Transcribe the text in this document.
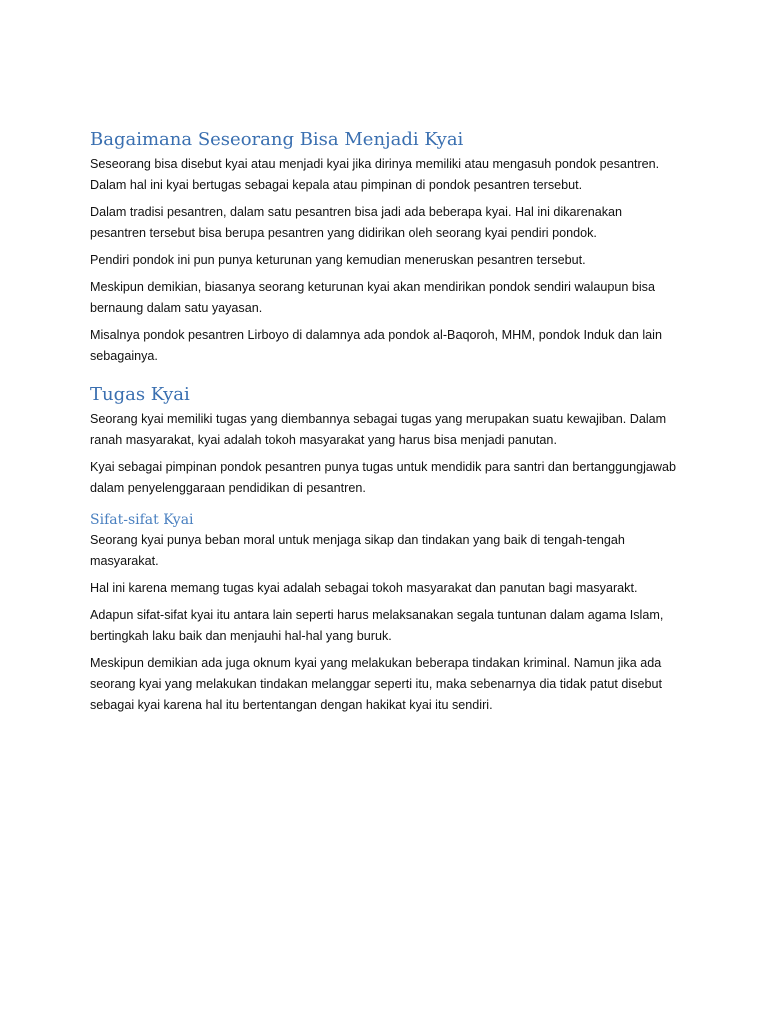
Bagaimana Seseorang Bisa Menjadi Kyai

Seseorang bisa disebut kyai atau menjadi kyai jika dirinya memiliki atau mengasuh pondok pesantren. Dalam hal ini kyai bertugas sebagai kepala atau pimpinan di pondok pesantren tersebut.

Dalam tradisi pesantren, dalam satu pesantren bisa jadi ada beberapa kyai. Hal ini dikarenakan pesantren tersebut bisa berupa pesantren yang didirikan oleh seorang kyai pendiri pondok.

Pendiri pondok ini pun punya keturunan yang kemudian meneruskan pesantren tersebut.

Meskipun demikian, biasanya seorang keturunan kyai akan mendirikan pondok sendiri walaupun bisa bernaung dalam satu yayasan.

Misalnya pondok pesantren Lirboyo di dalamnya ada pondok al-Baqoroh, MHM, pondok Induk dan lain sebagainya.

Tugas Kyai

Seorang kyai memiliki tugas yang diembannya sebagai tugas yang merupakan suatu kewajiban. Dalam ranah masyarakat, kyai adalah tokoh masyarakat yang harus bisa menjadi panutan.

Kyai sebagai pimpinan pondok pesantren punya tugas untuk mendidik para santri dan bertanggungjawab dalam penyelenggaraan pendidikan di pesantren.

Sifat-sifat Kyai

Seorang kyai punya beban moral untuk menjaga sikap dan tindakan yang baik di tengah-tengah masyarakat.

Hal ini karena memang tugas kyai adalah sebagai tokoh masyarakat dan panutan bagi masyarakt.

Adapun sifat-sifat kyai itu antara lain seperti harus melaksanakan segala tuntunan dalam agama Islam, bertingkah laku baik dan menjauhi hal-hal yang buruk.

Meskipun demikian ada juga oknum kyai yang melakukan beberapa tindakan kriminal. Namun jika ada seorang kyai yang melakukan tindakan melanggar seperti itu, maka sebenarnya dia tidak patut disebut sebagai kyai karena hal itu bertentangan dengan hakikat kyai itu sendiri.
